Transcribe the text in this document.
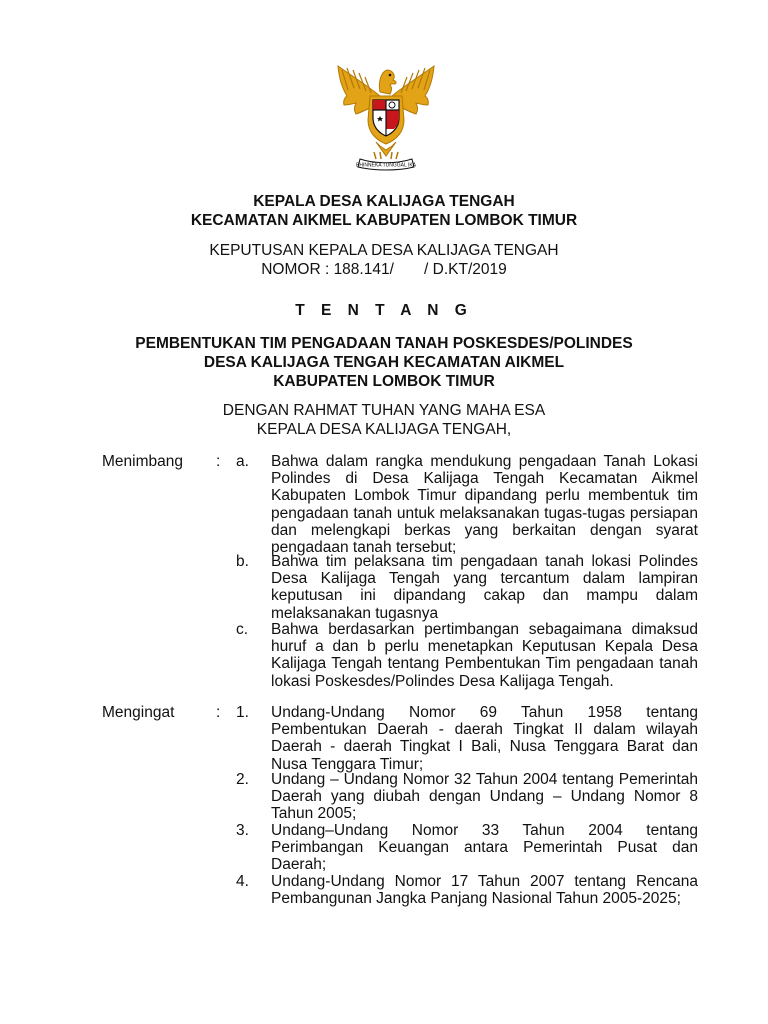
BHINNEKA TUNGGAL IKA
KEPALA DESA KALIJAGA TENGAH
KECAMATAN AIKMEL KABUPATEN LOMBOK TIMUR
KEPUTUSAN KEPALA DESA KALIJAGA TENGAH
NOMOR : 188.141/       / D.KT/2019
T E N T A N G
PEMBENTUKAN TIM PENGADAAN TANAH POSKESDES/POLINDES
DESA KALIJAGA TENGAH KECAMATAN AIKMEL
KABUPATEN LOMBOK TIMUR
DENGAN RAHMAT TUHAN YANG MAHA ESA
KEPALA DESA KALIJAGA TENGAH,
Menimbang : a. Bahwa dalam rangka mendukung pengadaan Tanah Lokasi
Polindes di Desa Kalijaga Tengah Kecamatan Aikmel
Kabupaten Lombok Timur dipandang perlu membentuk tim
pengadaan tanah untuk melaksanakan tugas-tugas persiapan
dan melengkapi berkas yang berkaitan dengan syarat
pengadaan tanah tersebut;
b. Bahwa tim pelaksana tim pengadaan tanah lokasi Polindes
Desa Kalijaga Tengah yang tercantum dalam lampiran
keputusan ini dipandang cakap dan mampu dalam
melaksanakan tugasnya
c. Bahwa berdasarkan pertimbangan sebagaimana dimaksud
huruf a dan b perlu menetapkan Keputusan Kepala Desa
Kalijaga Tengah tentang Pembentukan Tim pengadaan tanah
lokasi Poskesdes/Polindes Desa Kalijaga Tengah.
Mengingat	: 1. Undang-Undang Nomor 69 Tahun 1958 tentang
Pembentukan Daerah - daerah Tingkat II dalam wilayah
Daerah - daerah Tingkat I Bali, Nusa Tenggara Barat dan
Nusa Tenggara Timur;
2. Undang – Undang Nomor 32 Tahun 2004 tentang Pemerintah
Daerah yang diubah dengan Undang – Undang Nomor 8
Tahun 2005;
3. Undang–Undang Nomor 33 Tahun 2004 tentang
Perimbangan Keuangan antara Pemerintah Pusat dan
Daerah;
4. Undang-Undang Nomor 17 Tahun 2007 tentang Rencana
Pembangunan Jangka Panjang Nasional Tahun 2005-2025;
